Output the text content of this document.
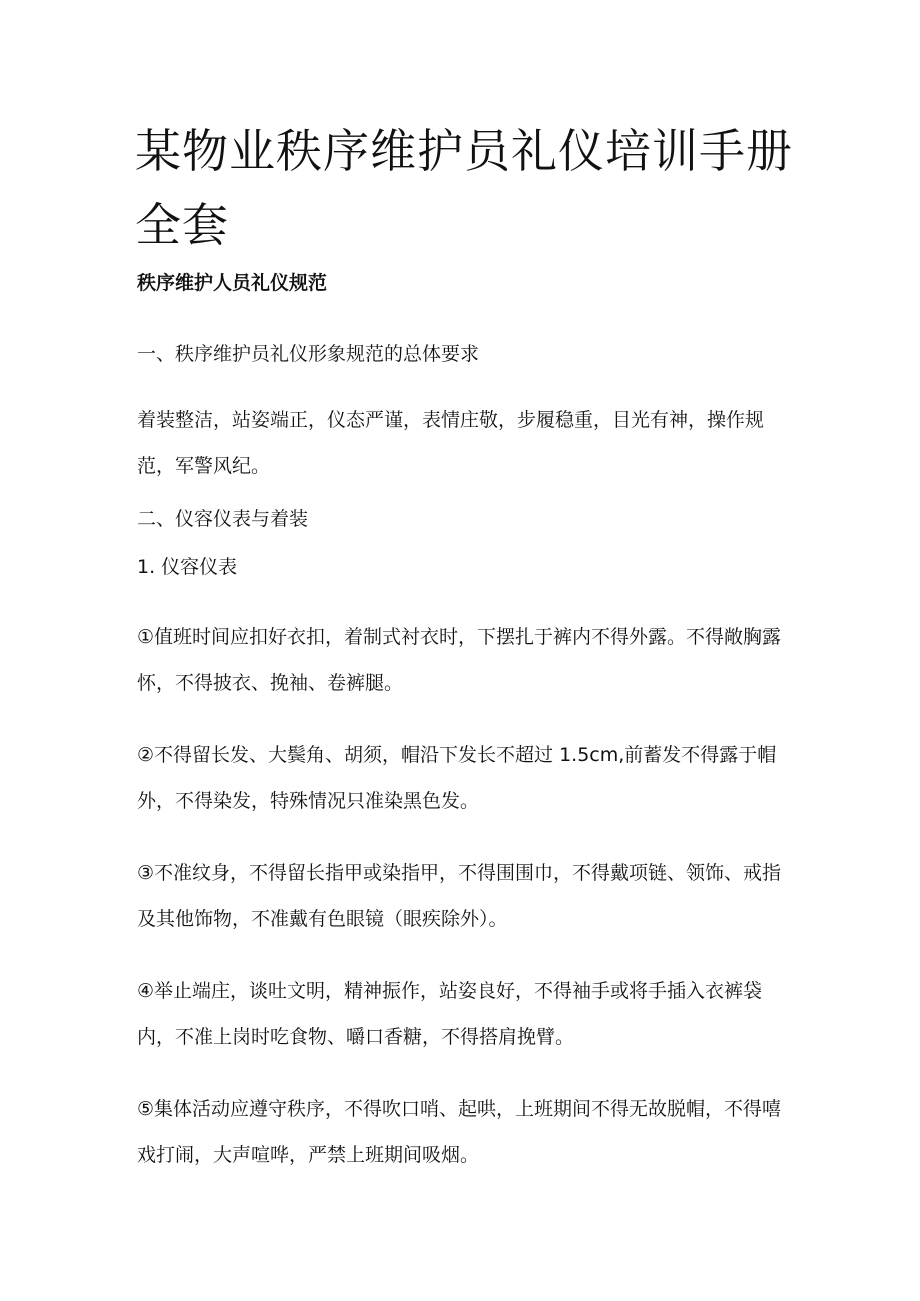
某物业秩序维护员礼仪培训手册全套
秩序维护人员礼仪规范

一、秩序维护员礼仪形象规范的总体要求

着装整洁，站姿端正，仪态严谨，表情庄敬，步履稳重，目光有神，操作规范，军警风纪。

二、仪容仪表与着装

1. 仪容仪表

①值班时间应扣好衣扣，着制式衬衣时，下摆扎于裤内不得外露。不得敞胸露怀，不得披衣、挽袖、卷裤腿。

②不得留长发、大鬓角、胡须，帽沿下发长不超过 1.5cm,前蓄发不得露于帽外，不得染发，特殊情况只准染黑色发。

③不准纹身，不得留长指甲或染指甲，不得围围巾，不得戴项链、领饰、戒指及其他饰物，不准戴有色眼镜（眼疾除外）。

④举止端庄，谈吐文明，精神振作，站姿良好，不得袖手或将手插入衣裤袋内，不准上岗时吃食物、嚼口香糖，不得搭肩挽臂。

⑤集体活动应遵守秩序，不得吹口哨、起哄，上班期间不得无故脱帽，不得嘻戏打闹，大声喧哗，严禁上班期间吸烟。
